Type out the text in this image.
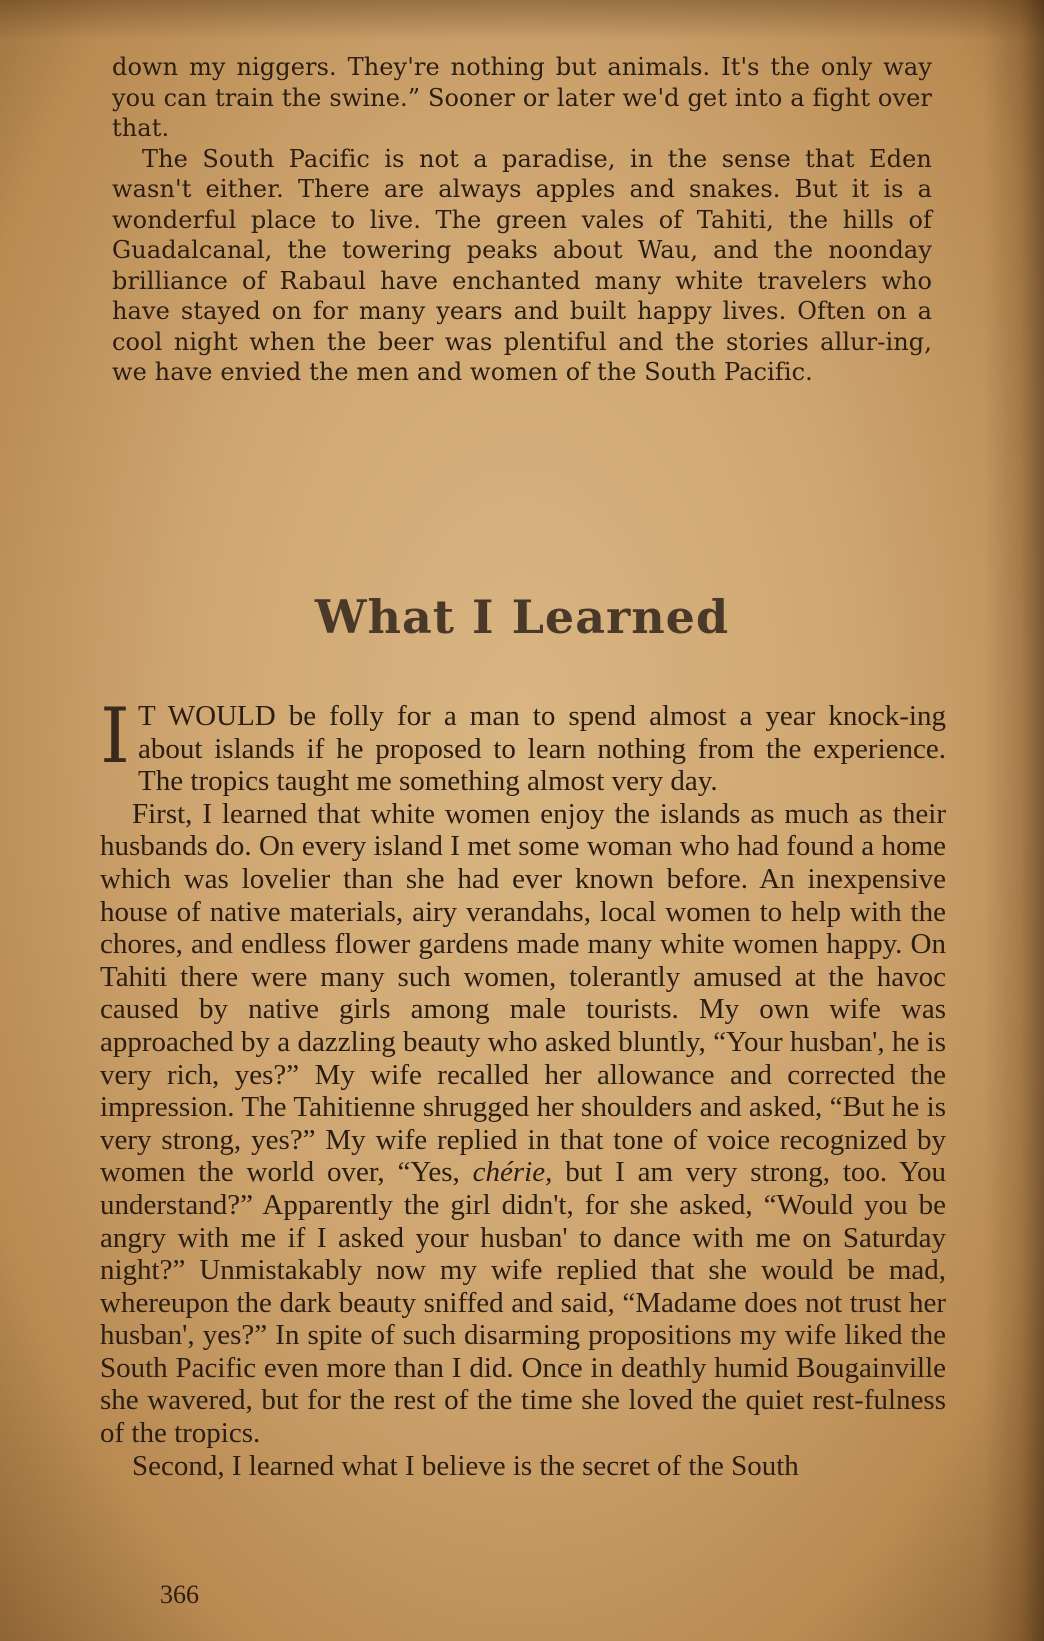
down my niggers. They're nothing but animals. It's the only way you can train the swine.” Sooner or later we'd get into a fight over that.

The South Pacific is not a paradise, in the sense that Eden wasn't either. There are always apples and snakes. But it is a wonderful place to live. The green vales of Tahiti, the hills of Guadalcanal, the towering peaks about Wau, and the noonday brilliance of Rabaul have enchanted many white travelers who have stayed on for many years and built happy lives. Often on a cool night when the beer was plentiful and the stories allur-ing, we have envied the men and women of the South Pacific.

What I Learned

I T WOULD be folly for a man to spend almost a year knock-ing about islands if he proposed to learn nothing from the experience. The tropics taught me something almost very day.

First, I learned that white women enjoy the islands as much as their husbands do. On every island I met some woman who had found a home which was lovelier than she had ever known before. An inexpensive house of native materials, airy verandahs, local women to help with the chores, and endless flower gardens made many white women happy. On Tahiti there were many such women, tolerantly amused at the havoc caused by native girls among male tourists. My own wife was approached by a dazzling beauty who asked bluntly, “Your husban', he is very rich, yes?” My wife recalled her allowance and corrected the impression. The Tahitienne shrugged her shoulders and asked, “But he is very strong, yes?” My wife replied in that tone of voice recognized by women the world over, “Yes, chérie, but I am very strong, too. You understand?” Apparently the girl didn't, for she asked, “Would you be angry with me if I asked your husban' to dance with me on Saturday night?” Unmistakably now my wife replied that she would be mad, whereupon the dark beauty sniffed and said, “Madame does not trust her husban', yes?” In spite of such disarming propositions my wife liked the South Pacific even more than I did. Once in deathly humid Bougainville she wavered, but for the rest of the time she loved the quiet rest-fulness of the tropics.

Second, I learned what I believe is the secret of the South

366
